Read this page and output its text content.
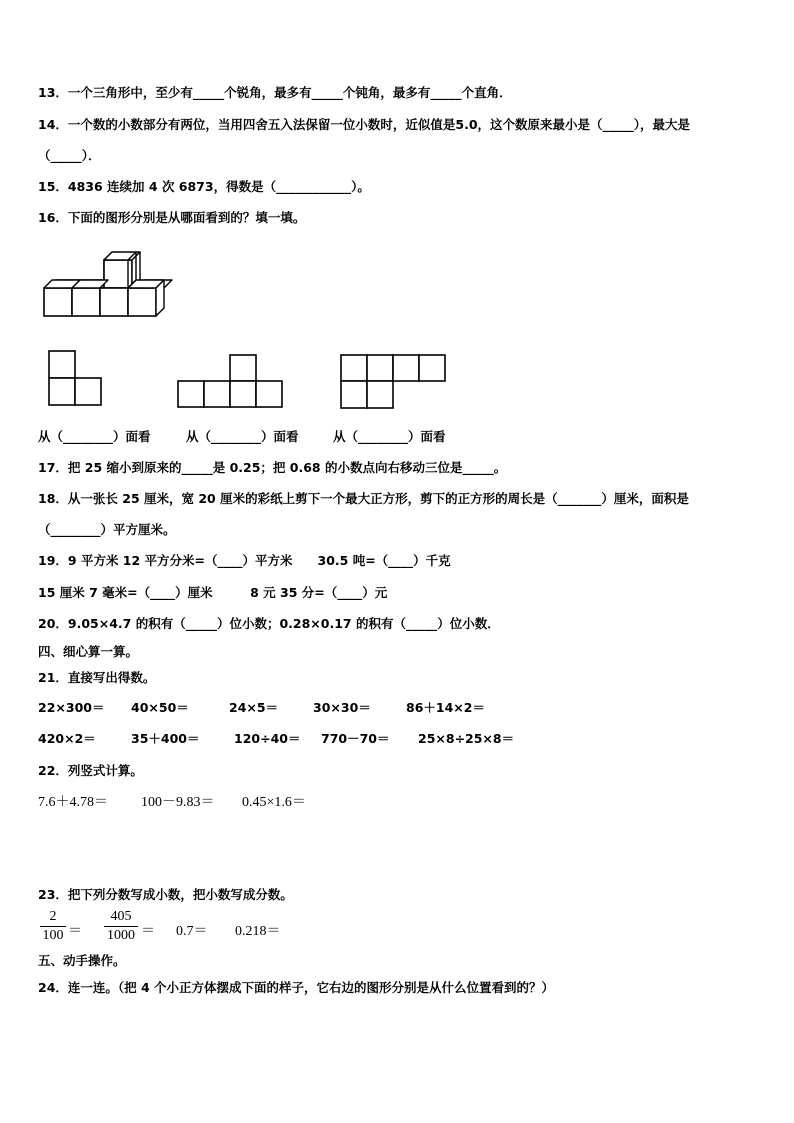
13．一个三角形中，至少有_____个锐角，最多有_____个钝角，最多有_____个直角．
14．一个数的小数部分有两位，当用四舍五入法保留一位小数时，近似值是5.0，这个数原来最小是（_____），最大是
（_____）．
15．4836 连续加 4 次 6873，得数是（____________）。
16．下面的图形分别是从哪面看到的？填一填。
从（________）面看	从（________）面看	从（________）面看
17．把 25 缩小到原来的_____是 0.25；把 0.68 的小数点向右移动三位是_____。
18．从一张长 25 厘米，宽 20 厘米的彩纸上剪下一个最大正方形，剪下的正方形的周长是（_______）厘米，面积是
（________）平方厘米。
19．9 平方米 12 平方分米=（____）平方米　　30.5 吨=（____）千克
15 厘米 7 毫米=（____）厘米　　　8 元 35 分=（____）元
20．9.05×4.7 的积有（_____）位小数；0.28×0.17 的积有（_____）位小数．
四、细心算一算。
21．直接写出得数。
22×300＝ 40×50＝	24×5＝	30×30＝	86＋14×2＝
420×2＝	35＋400＝	120÷40＝ 770－70＝ 25×8÷25×8＝
22．列竖式计算。
7.6＋4.78＝ 100－9.83＝ 0.45×1.6＝
23．把下列分数写成小数，把小数写成分数。
2
100 ＝
405
1000 ＝ 0.7＝ 0.218＝
五、动手操作。
24．连一连。（把 4 个小正方体摆成下面的样子，它右边的图形分别是从什么位置看到的？）
